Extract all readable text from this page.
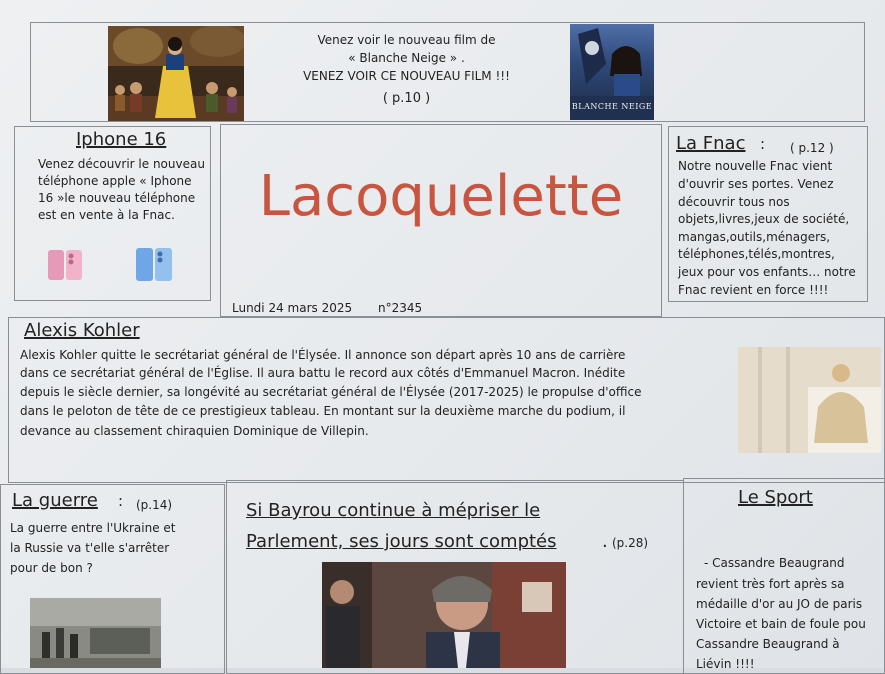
Venez voir le nouveau film de
« Blanche Neige » .
VENEZ VOIR CE NOUVEAU FILM !!!
( p.10 )
BLANCHE NEIGE
Iphone 16
Venez découvrir le nouveau
téléphone apple « Iphone
16 »le nouveau téléphone
est en vente à la Fnac.	Lacoquelette
Lundi 24 mars 2025 n°2345
La Fnac : ( p.12 )
Notre nouvelle Fnac vient
d'ouvrir ses portes. Venez
découvrir tous nos
objets,livres,jeux de société,
mangas,outils,ménagers,
téléphones,télés,montres,
jeux pour vos enfants… notre
Fnac revient en force !!!!
Alexis Kohler
Alexis Kohler quitte le secrétariat général de l'Élysée. Il annonce son départ après 10 ans de carrière
dans ce secrétariat général de l'Église. Il aura battu le record aux côtés d'Emmanuel Macron. Inédite
depuis le siècle dernier, sa longévité au secrétariat général de l'Élysée (2017-2025) le propulse d'office
dans le peloton de tête de ce prestigieux tableau. En montant sur la deuxième marche du podium, il
devance au classement chiraquien Dominique de Villepin.
La guerre : (p.14)
La guerre entre l'Ukraine et
la Russie va t'elle s'arrêter
pour de bon ?
Si Bayrou continue à mépriser le
Parlement, ses jours sont comptés	. (p.28)
Le Sport
- Cassandre Beaugrand
revient très fort après sa
médaille d'or au JO de paris
Victoire et bain de foule pou
Cassandre Beaugrand à
Liévin !!!!
